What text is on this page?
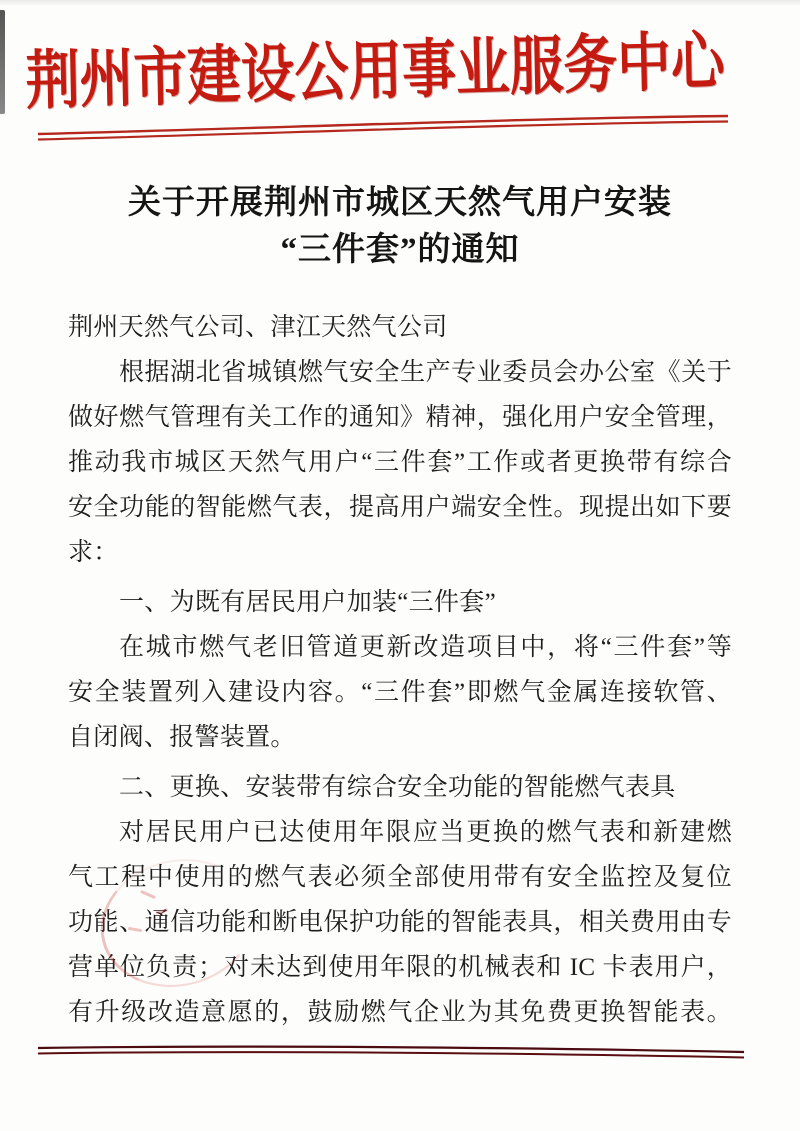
荆州市建设公用事业服务中心
关于开展荆州市城区天然气用户安装
“三件套”的通知
荆州天然气公司、津江天然气公司
根据湖北省城镇燃气安全生产专业委员会办公室《关于
做好燃气管理有关工作的通知》精神，强化用户安全管理，
推动我市城区天然气用户“三件套”工作或者更换带有综合
安全功能的智能燃气表，提高用户端安全性。现提出如下要
求：
一、为既有居民用户加装“三件套”
在城市燃气老旧管道更新改造项目中，将“三件套”等
安全装置列入建设内容。“三件套”即燃气金属连接软管、
自闭阀、报警装置。
二、更换、安装带有综合安全功能的智能燃气表具
对居民用户已达使用年限应当更换的燃气表和新建燃
气工程中使用的燃气表必须全部使用带有安全监控及复位
功能、通信功能和断电保护功能的智能表具，相关费用由专
营单位负责；对未达到使用年限的机械表和 IC 卡表用户，
有升级改造意愿的，鼓励燃气企业为其免费更换智能表。
